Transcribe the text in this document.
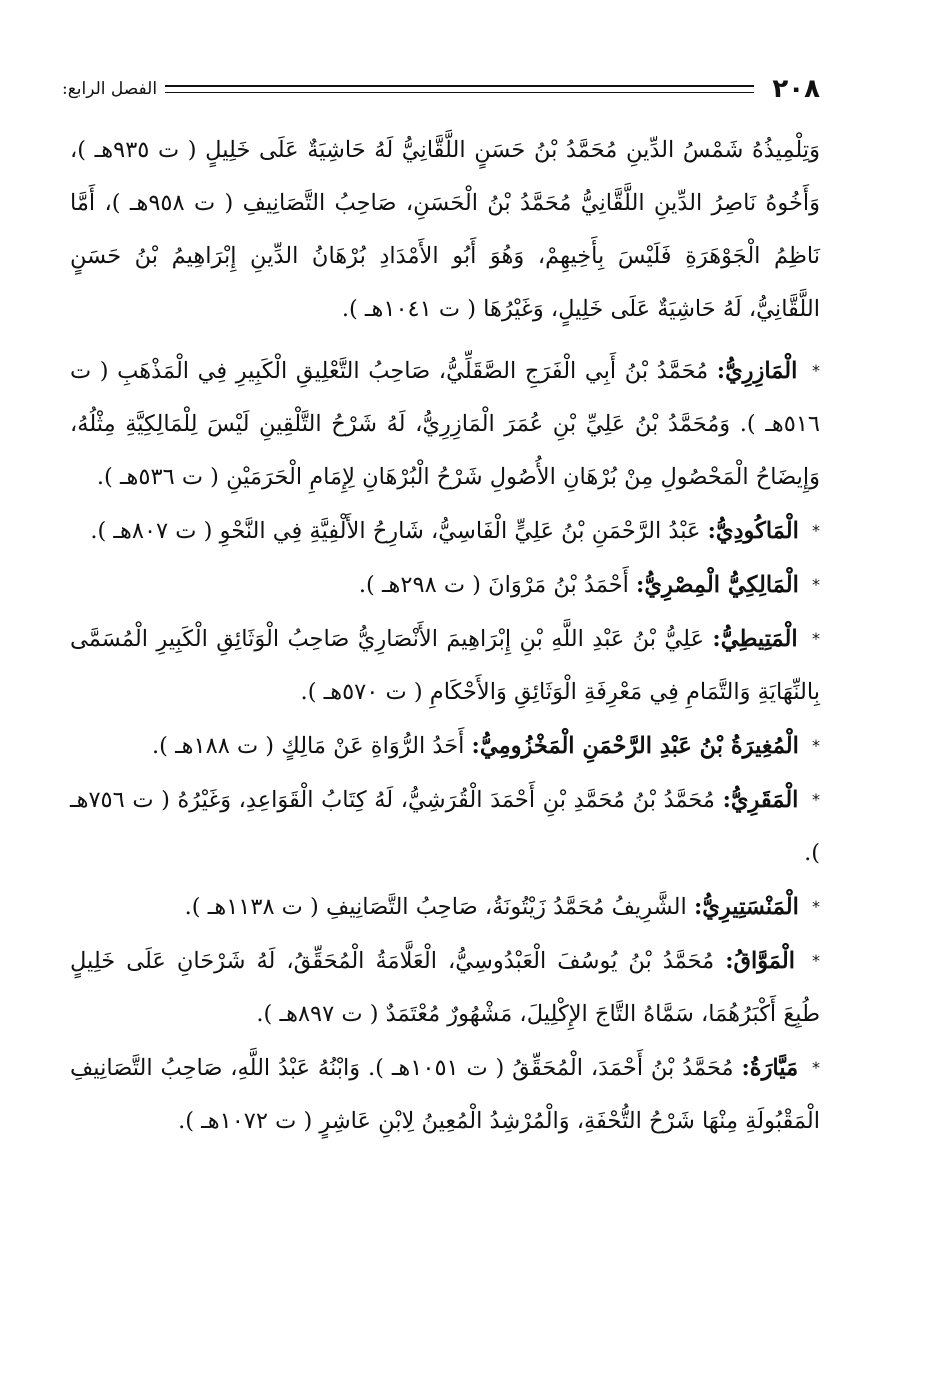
٢٠٨
الفصل الرابع:

وَتِلْمِيذُهُ شَمْسُ الدِّينِ مُحَمَّدُ بْنُ حَسَنٍ اللَّقَّانِيُّ لَهُ حَاشِيَةٌ عَلَى خَلِيلٍ ( ت ٩٣٥هـ )، وَأَخُوهُ نَاصِرُ الدِّينِ اللَّقَّانِيُّ مُحَمَّدُ بْنُ الْحَسَنِ، صَاحِبُ التَّصَانِيفِ ( ت ٩٥٨هـ )، أَمَّا نَاظِمُ الْجَوْهَرَةِ فَلَيْسَ بِأَخِيهِمْ، وَهُوَ أَبُو الأَمْدَادِ بُرْهَانُ الدِّينِ إِبْرَاهِيمُ بْنُ حَسَنٍ اللَّقَّانِيُّ، لَهُ حَاشِيَةٌ عَلَى خَلِيلٍ، وَغَيْرُهَا ( ت ١٠٤١هـ ).

* الْمَازِرِيُّ: مُحَمَّدُ بْنُ أَبِي الْفَرَجِ الصَّقَلِّيُّ، صَاحِبُ التَّعْلِيقِ الْكَبِيرِ فِي الْمَذْهَبِ ( ت ٥١٦هـ ). وَمُحَمَّدُ بْنُ عَلِيِّ بْنِ عُمَرَ الْمَازِرِيُّ، لَهُ شَرْحُ التَّلْقِينِ لَيْسَ لِلْمَالِكِيَّةِ مِثْلُهُ، وَإِيضَاحُ الْمَحْصُولِ مِنْ بُرْهَانِ الأُصُولِ شَرْحُ الْبُرْهَانِ لِإِمَامِ الْحَرَمَيْنِ ( ت ٥٣٦هـ ).

* الْمَاكُودِيُّ: عَبْدُ الرَّحْمَنِ بْنُ عَلِيٍّ الْفَاسِيُّ، شَارِحُ الأَلْفِيَّةِ فِي النَّحْوِ ( ت ٨٠٧هـ ).

* الْمَالِكِيُّ الْمِصْرِيُّ: أَحْمَدُ بْنُ مَرْوَانَ ( ت ٢٩٨هـ ).

* الْمَتِيطِيُّ: عَلِيُّ بْنُ عَبْدِ اللَّهِ بْنِ إِبْرَاهِيمَ الأَنْصَارِيُّ صَاحِبُ الْوَثَائِقِ الْكَبِيرِ الْمُسَمَّى بِالنِّهَايَةِ وَالتَّمَامِ فِي مَعْرِفَةِ الْوَثَائِقِ وَالأَحْكَامِ ( ت ٥٧٠هـ ).

* الْمُغِيرَةُ بْنُ عَبْدِ الرَّحْمَنِ الْمَخْزُومِيُّ: أَحَدُ الرُّوَاةِ عَنْ مَالِكٍ ( ت ١٨٨هـ ).

* الْمَقَرِيُّ: مُحَمَّدُ بْنُ مُحَمَّدِ بْنِ أَحْمَدَ الْقُرَشِيُّ، لَهُ كِتَابُ الْقَوَاعِدِ، وَغَيْرُهُ ( ت ٧٥٦هـ ).

* الْمَنْسَتِيرِيُّ: الشَّرِيفُ مُحَمَّدُ زَيْتُونَةُ، صَاحِبُ التَّصَانِيفِ ( ت ١١٣٨هـ ).

* الْمَوَّاقُ: مُحَمَّدُ بْنُ يُوسُفَ الْعَبْدُوسِيُّ، الْعَلَّامَةُ الْمُحَقِّقُ، لَهُ شَرْحَانِ عَلَى خَلِيلٍ طُبِعَ أَكْبَرُهُمَا، سَمَّاهُ التَّاجَ الإِكْلِيلَ، مَشْهُورٌ مُعْتَمَدٌ ( ت ٨٩٧هـ ).

* مَيَّارَةُ: مُحَمَّدُ بْنُ أَحْمَدَ، الْمُحَقِّقُ ( ت ١٠٥١هـ ). وَابْنُهُ عَبْدُ اللَّهِ، صَاحِبُ التَّصَانِيفِ الْمَقْبُولَةِ مِنْهَا شَرْحُ التُّحْفَةِ، وَالْمُرْشِدُ الْمُعِينُ لِابْنِ عَاشِرٍ ( ت ١٠٧٢هـ ).
